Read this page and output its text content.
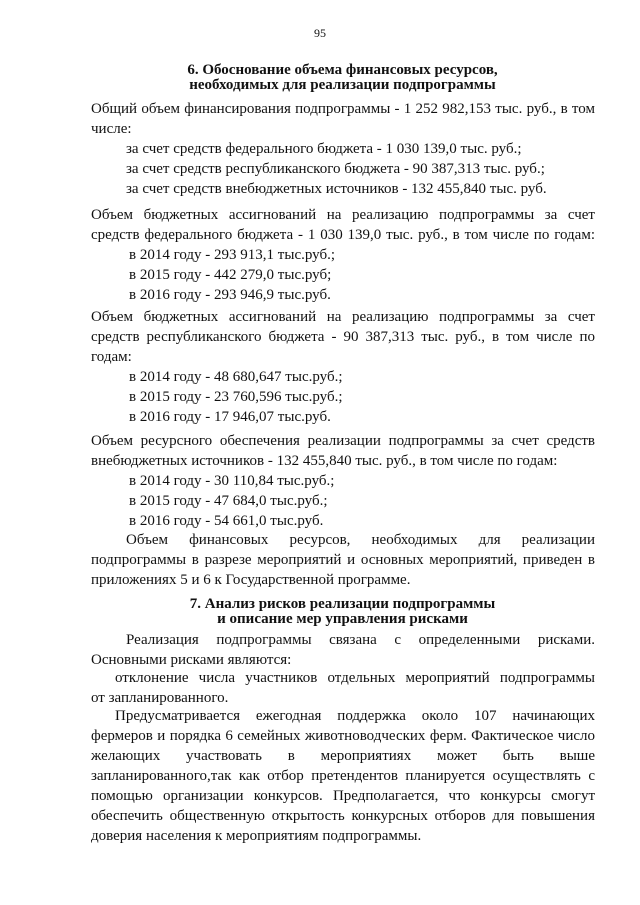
95
6. Обоснование объема финансовых ресурсов,
необходимых для реализации подпрограммы
Общий объем финансирования подпрограммы - 1 252 982,153 тыс. руб., в том
числе:
за счет средств федерального бюджета - 1 030 139,0 тыс. руб.;
за счет средств республиканского бюджета - 90 387,313 тыс. руб.;
за счет средств внебюджетных источников - 132 455,840 тыс. руб.
Объем бюджетных ассигнований на реализацию подпрограммы за счет
средств федерального бюджета - 1 030 139,0 тыс. руб., в том числе по годам:
в 2014 году - 293 913,1 тыс.руб.;
в 2015 году - 442 279,0 тыс.руб;
в 2016 году - 293 946,9 тыс.руб.
Объем бюджетных ассигнований на реализацию подпрограммы за счет
средств республиканского бюджета - 90 387,313 тыс. руб., в том числе по
годам:
в 2014 году - 48 680,647 тыс.руб.;
в 2015 году - 23 760,596 тыс.руб.;
в 2016 году - 17 946,07 тыс.руб.
Объем ресурсного обеспечения реализации подпрограммы за счет средств
внебюджетных источников - 132 455,840 тыс. руб., в том числе по годам:
в 2014 году - 30 110,84 тыс.руб.;
в 2015 году - 47 684,0 тыс.руб.;
в 2016 году - 54 661,0 тыс.руб.
Объем финансовых ресурсов, необходимых для реализации
подпрограммы в разрезе мероприятий и основных мероприятий, приведен в
приложениях 5 и 6 к Государственной программе.
7. Анализ рисков реализации подпрограммы
и описание мер управления рисками
Реализация подпрограммы связана с определенными рисками.
Основными рисками являются:
отклонение числа участников отдельных мероприятий подпрограммы
от запланированного.
Предусматривается ежегодная поддержка около 107 начинающих
фермеров и порядка 6 семейных животноводческих ферм. Фактическое число
желающих участвовать в мероприятиях может быть выше
запланированного,так как отбор претендентов планируется осуществлять с
помощью организации конкурсов. Предполагается, что конкурсы смогут
обеспечить общественную открытость конкурсных отборов для повышения
доверия населения к мероприятиям подпрограммы.
